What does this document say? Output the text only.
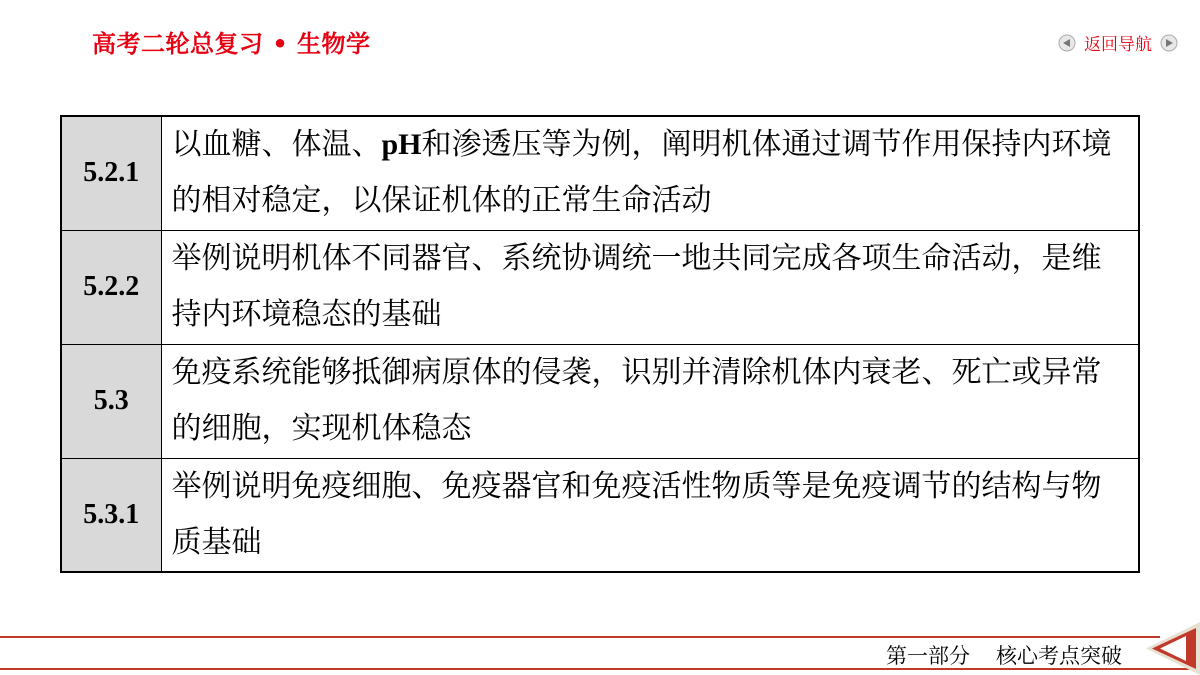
高考二轮总复习 • 生物学	返回导航
5.2.1	以血糖、体温、pH和渗透压等为例，阐明机体通过调节作用保持内环境的相对稳定，以保证机体的正常生命活动
5.2.2	举例说明机体不同器官、系统协调统一地共同完成各项生命活动，是维持内环境稳态的基础
5.3	免疫系统能够抵御病原体的侵袭，识别并清除机体内衰老、死亡或异常的细胞，实现机体稳态
5.3.1	举例说明免疫细胞、免疫器官和免疫活性物质等是免疫调节的结构与物质基础
第一部分 核心考点突破
